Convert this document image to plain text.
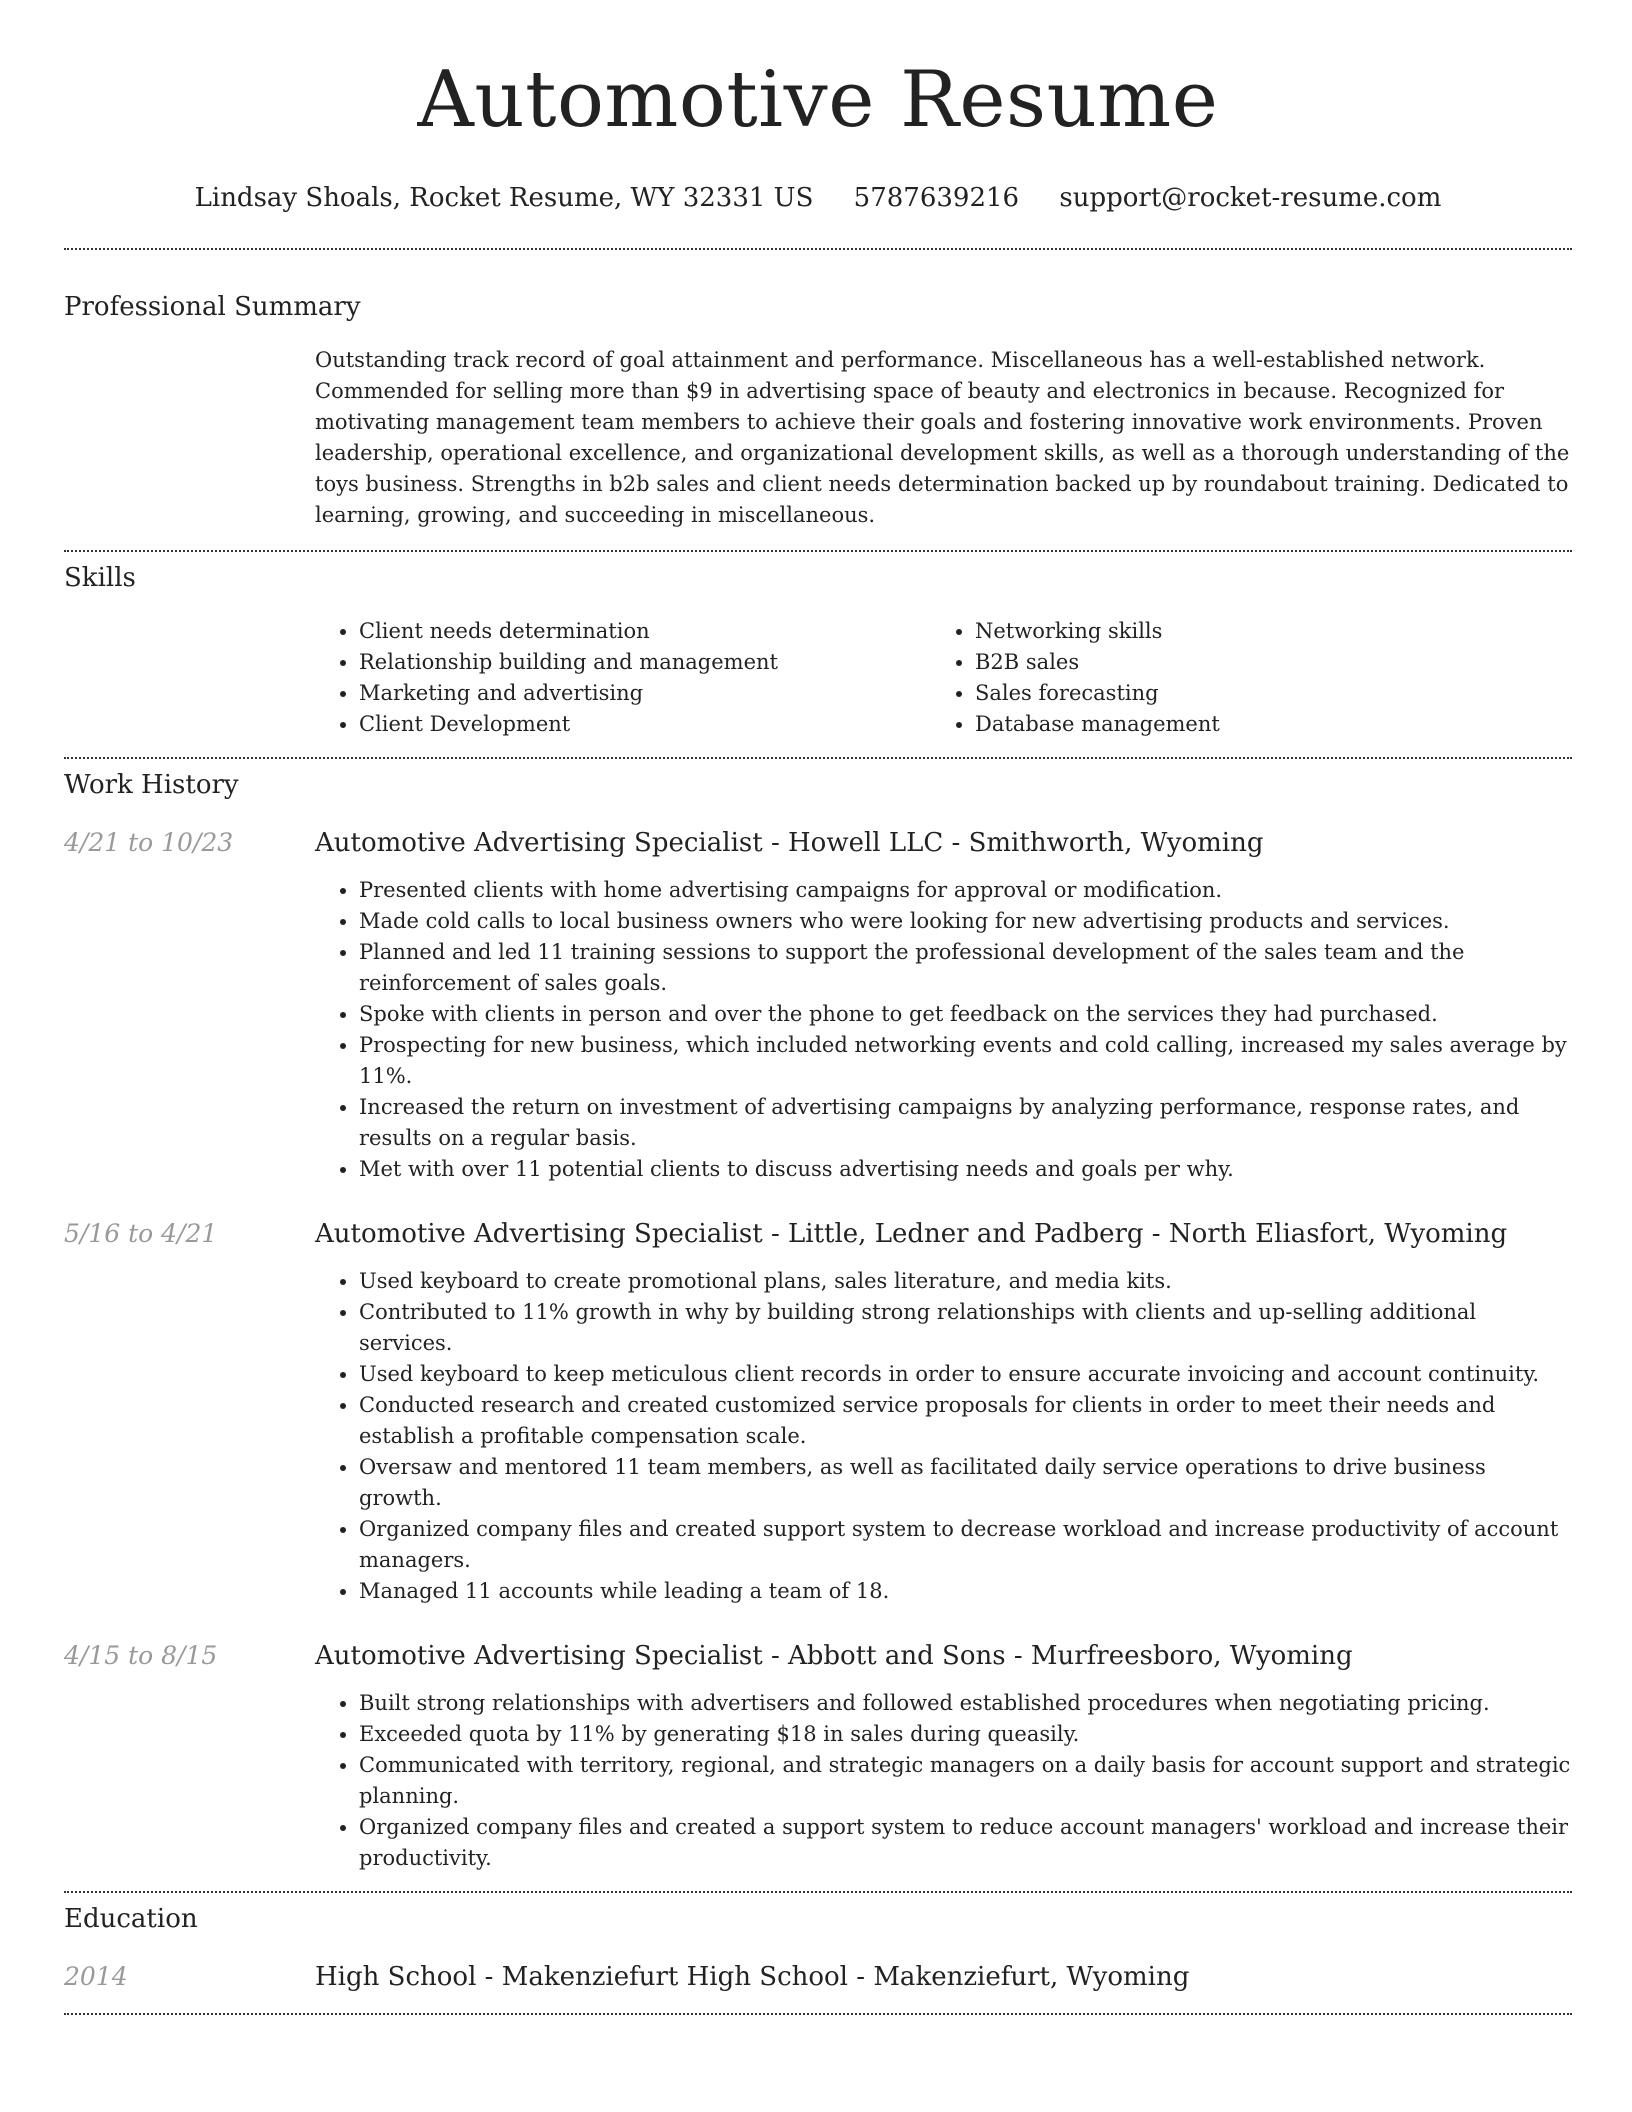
Automotive Resume
Lindsay Shoals, Rocket Resume, WY 32331 US 5787639216 support@rocket-resume.com
Professional Summary
Outstanding track record of goal attainment and performance. Miscellaneous has a well-established network. Commended for selling more than $9 in advertising space of beauty and electronics in because. Recognized for motivating management team members to achieve their goals and fostering innovative work environments. Proven leadership, operational excellence, and organizational development skills, as well as a thorough understanding of the toys business. Strengths in b2b sales and client needs determination backed up by roundabout training. Dedicated to learning, growing, and succeeding in miscellaneous.
Skills
• Client needs determination
• Relationship building and management
• Marketing and advertising
• Client Development
• Networking skills
• B2B sales
• Sales forecasting
• Database management
Work History
4/21 to 10/23	Automotive Advertising Specialist - Howell LLC - Smithworth, Wyoming
• Presented clients with home advertising campaigns for approval or modification.
• Made cold calls to local business owners who were looking for new advertising products and services.
• Planned and led 11 training sessions to support the professional development of the sales team and the reinforcement of sales goals.
• Spoke with clients in person and over the phone to get feedback on the services they had purchased.
• Prospecting for new business, which included networking events and cold calling, increased my sales average by 11%.
• Increased the return on investment of advertising campaigns by analyzing performance, response rates, and results on a regular basis.
• Met with over 11 potential clients to discuss advertising needs and goals per why.
5/16 to 4/21	Automotive Advertising Specialist - Little, Ledner and Padberg - North Eliasfort, Wyoming
• Used keyboard to create promotional plans, sales literature, and media kits.
• Contributed to 11% growth in why by building strong relationships with clients and up-selling additional services.
• Used keyboard to keep meticulous client records in order to ensure accurate invoicing and account continuity.
• Conducted research and created customized service proposals for clients in order to meet their needs and establish a profitable compensation scale.
• Oversaw and mentored 11 team members, as well as facilitated daily service operations to drive business growth.
• Organized company files and created support system to decrease workload and increase productivity of account managers.
• Managed 11 accounts while leading a team of 18.
4/15 to 8/15	Automotive Advertising Specialist - Abbott and Sons - Murfreesboro, Wyoming
• Built strong relationships with advertisers and followed established procedures when negotiating pricing.
• Exceeded quota by 11% by generating $18 in sales during queasily.
• Communicated with territory, regional, and strategic managers on a daily basis for account support and strategic planning.
• Organized company files and created a support system to reduce account managers' workload and increase their productivity.
Education
2014	High School - Makenziefurt High School - Makenziefurt, Wyoming
